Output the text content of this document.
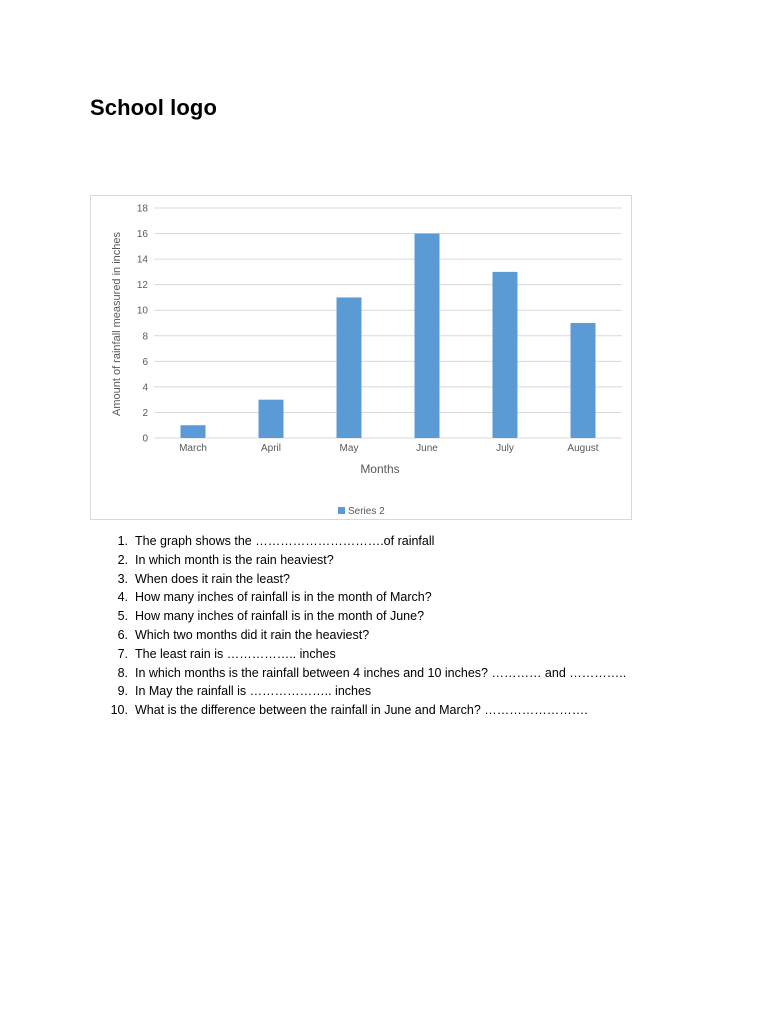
School logo
0
2
4
6
8
10
12
14
16
18
March	April	May	June	July	August
Amount of rainfall measured in inches
Months
Series 2
1. The graph shows the ………………………….of rainfall
2. In which month is the rain heaviest?
3. When does it rain the least?
4. How many inches of rainfall is in the month of March?
5. How many inches of rainfall is in the month of June?
6. Which two months did it rain the heaviest?
7. The least rain is …………….. inches
8. In which months is the rainfall between 4 inches and 10 inches? ………… and …………..
9. In May the rainfall is ……………….. inches
10. What is the difference between the rainfall in June and March? …………………….
